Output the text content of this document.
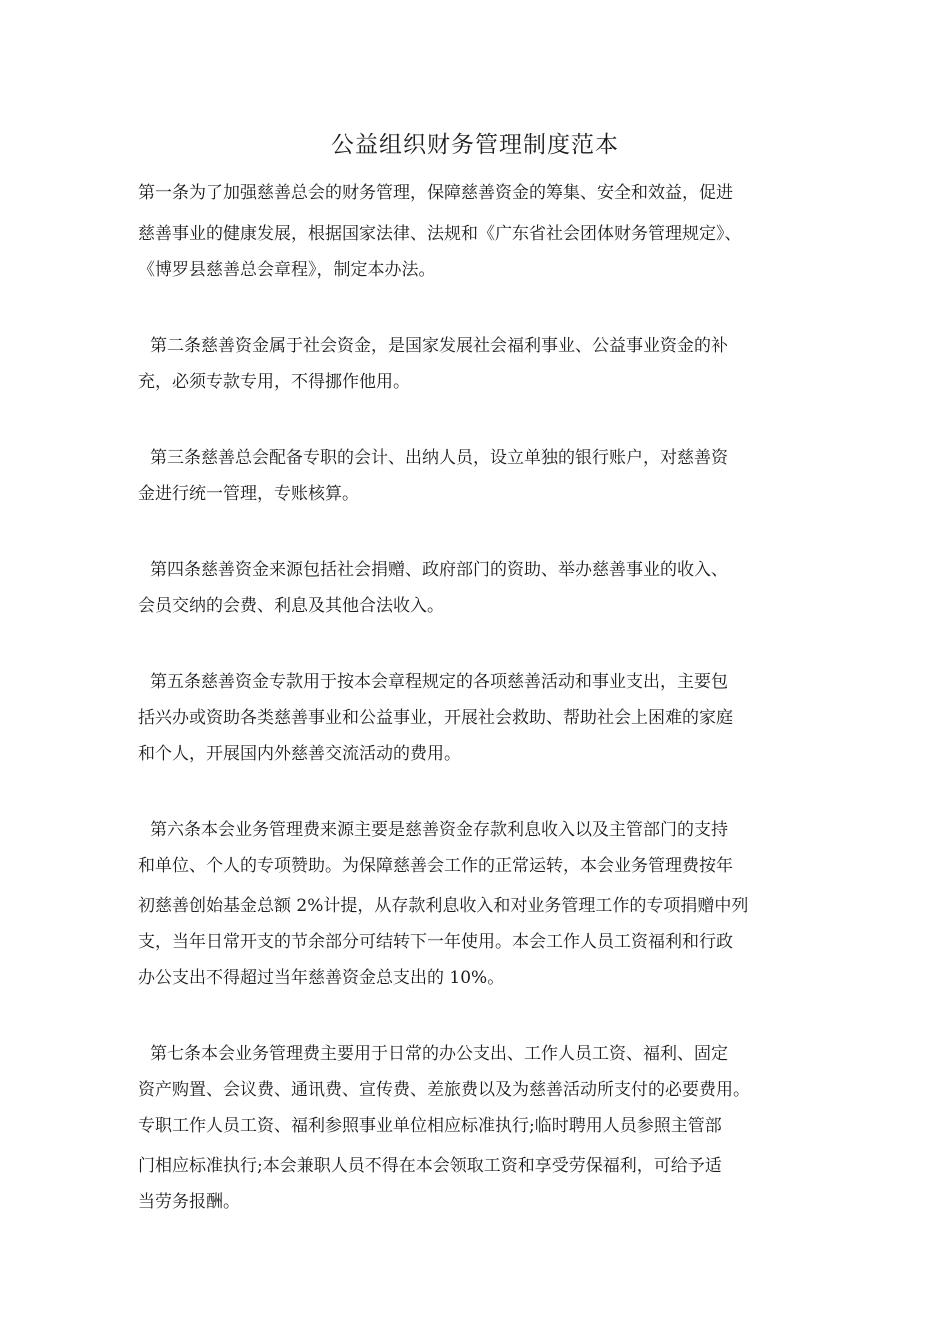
公益组织财务管理制度范本
第一条为了加强慈善总会的财务管理，保障慈善资金的筹集、安全和效益，促进
慈善事业的健康发展，根据国家法律、法规和《广东省社会团体财务管理规定》、
《博罗县慈善总会章程》，制定本办法。
第二条慈善资金属于社会资金，是国家发展社会福利事业、公益事业资金的补
充，必须专款专用，不得挪作他用。
第三条慈善总会配备专职的会计、出纳人员，设立单独的银行账户，对慈善资
金进行统一管理，专账核算。
第四条慈善资金来源包括社会捐赠、政府部门的资助、举办慈善事业的收入、
会员交纳的会费、利息及其他合法收入。
第五条慈善资金专款用于按本会章程规定的各项慈善活动和事业支出，主要包
括兴办或资助各类慈善事业和公益事业，开展社会救助、帮助社会上困难的家庭
和个人，开展国内外慈善交流活动的费用。
第六条本会业务管理费来源主要是慈善资金存款利息收入以及主管部门的支持
和单位、个人的专项赞助。为保障慈善会工作的正常运转，本会业务管理费按年
初慈善创始基金总额 2%计提，从存款利息收入和对业务管理工作的专项捐赠中列
支，当年日常开支的节余部分可结转下一年使用。本会工作人员工资福利和行政
办公支出不得超过当年慈善资金总支出的 10%。
第七条本会业务管理费主要用于日常的办公支出、工作人员工资、福利、固定
资产购置、会议费、通讯费、宣传费、差旅费以及为慈善活动所支付的必要费用。
专职工作人员工资、福利参照事业单位相应标准执行;临时聘用人员参照主管部
门相应标准执行;本会兼职人员不得在本会领取工资和享受劳保福利，可给予适
当劳务报酬。
